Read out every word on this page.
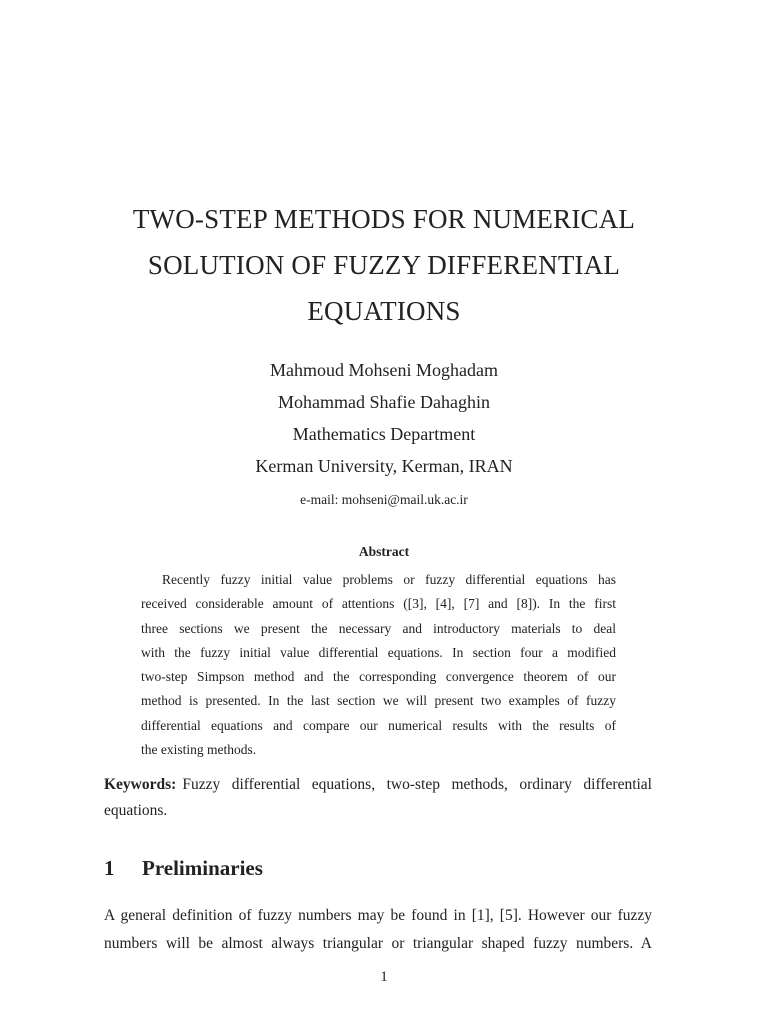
TWO-STEP METHODS FOR NUMERICAL
SOLUTION OF FUZZY DIFFERENTIAL
EQUATIONS
Mahmoud Mohseni Moghadam
Mohammad Shafie Dahaghin
Mathematics Department
Kerman University, Kerman, IRAN
e-mail: mohseni@mail.uk.ac.ir
Abstract
Recently fuzzy initial value problems or fuzzy differential equations has
received considerable amount of attentions ([3], [4], [7] and [8]). In the first
three sections we present the necessary and introductory materials to deal
with the fuzzy initial value differential equations. In section four a modified
two-step Simpson method and the corresponding convergence theorem of our
method is presented. In the last section we will present two examples of fuzzy
differential equations and compare our numerical results with the results of
the existing methods.
Keywords: Fuzzy differential equations, two-step methods, ordinary differential
equations.
1 Preliminaries
A general definition of fuzzy numbers may be found in [1], [5]. However our fuzzy
numbers will be almost always triangular or triangular shaped fuzzy numbers. A
1
